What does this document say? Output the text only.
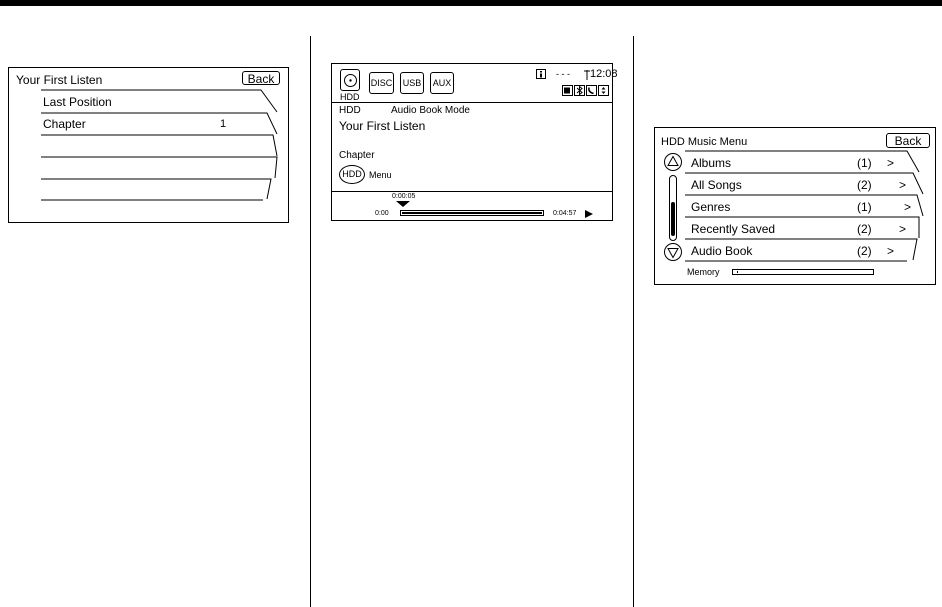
Your First Listen	Back
Last Position
Chapter	1
HDD
DISC USB AUX
- - - 12:08
HDD	Audio Book Mode
Your First Listen
Chapter
HDD Menu
0:00:05
0:00	0:04:57
HDD Music Menu	Back
Albums	(1) >
All Songs	(2) >
Genres	(1)	>
Recently Saved	(2) >
Audio Book	(2) >
Memory
